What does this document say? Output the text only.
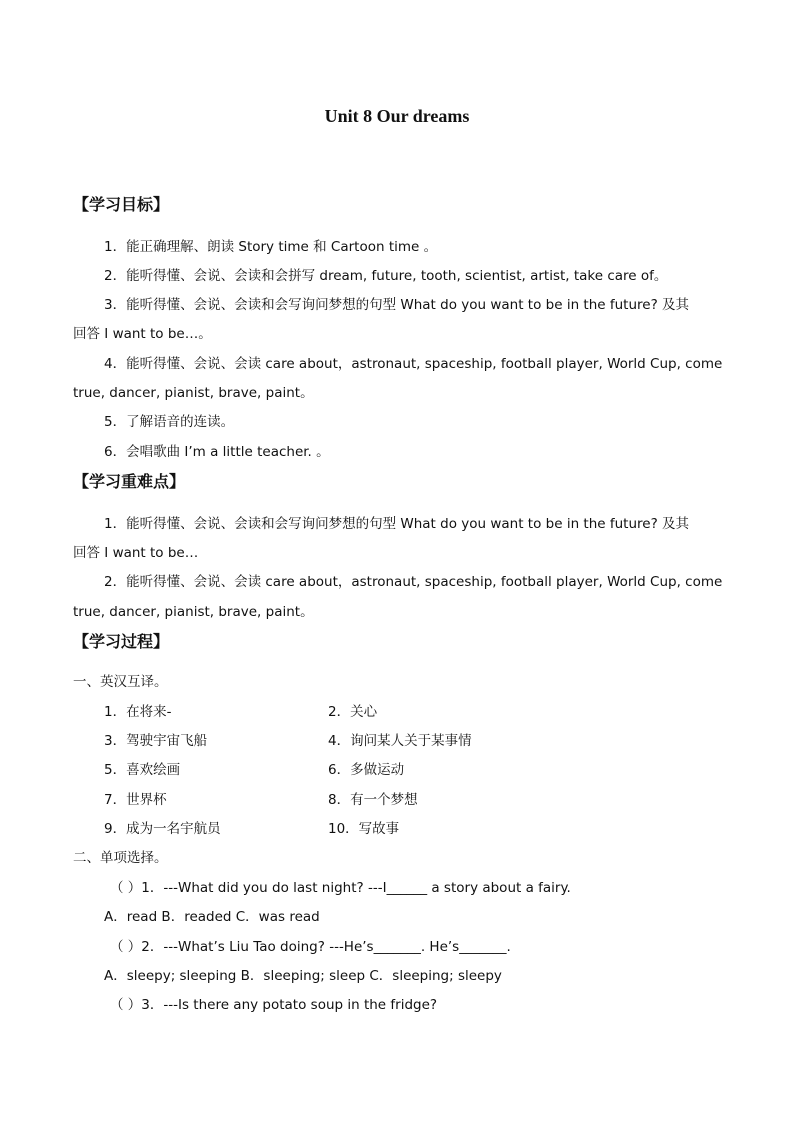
Unit 8 Our dreams
【学习目标】
1．能正确理解、朗读 Story time 和 Cartoon time 。
2．能听得懂、会说、会读和会拼写 dream, future, tooth, scientist, artist, take care of。
3．能听得懂、会说、会读和会写询问梦想的句型 What do you want to be in the future? 及其
回答 I want to be…。
4．能听得懂、会说、会读 care about，astronaut, spaceship, football player, World Cup, come
true, dancer, pianist, brave, paint。
5．了解语音的连读。
6．会唱歌曲 I’m a little teacher. 。
【学习重难点】
1．能听得懂、会说、会读和会写询问梦想的句型 What do you want to be in the future? 及其
回答 I want to be…
2．能听得懂、会说、会读 care about，astronaut, spaceship, football player, World Cup, come
true, dancer, pianist, brave, paint。
【学习过程】
一、英汉互译。
1．在将来-	2．关心
3．驾驶宇宙飞船	4．询问某人关于某事情
5．喜欢绘画	6．多做运动
7．世界杯	8．有一个梦想
9．成为一名宇航员	10．写故事
二、单项选择。
（ ）1．---What did you do last night? ---I______ a story about a fairy.
A．read B．readed C．was read
（ ）2．---What’s Liu Tao doing? ---He’s_______. He’s_______.
A．sleepy; sleeping B．sleeping; sleep C．sleeping; sleepy
（ ）3．---Is there any potato soup in the fridge?
